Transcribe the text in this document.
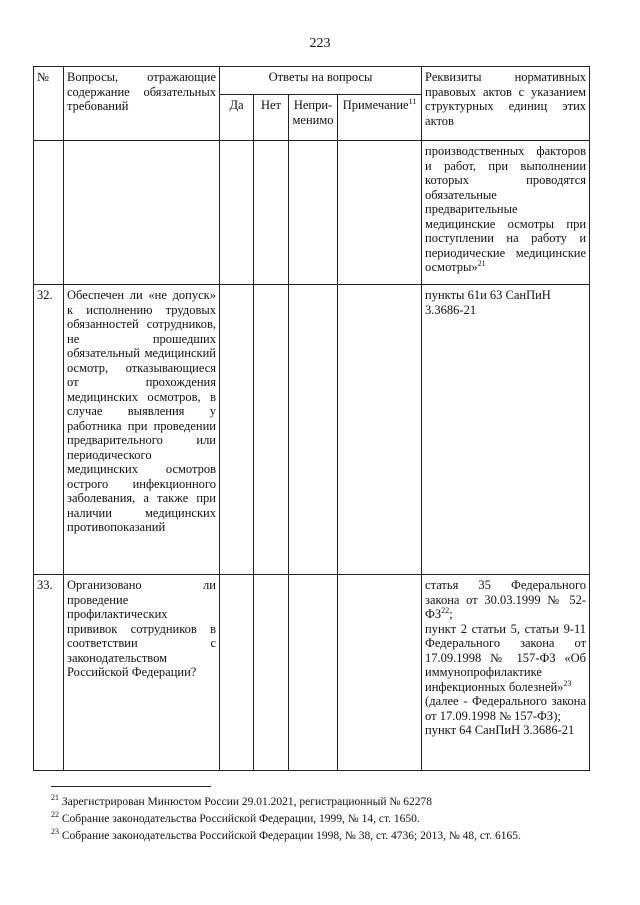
223
№	Вопросы, отражающие содержание обязательных требований	Ответы на вопросы				Реквизиты нормативных правовых актов с указанием структурных единиц этих актов
		Да	Нет	Непри-менимо	Примечание$^{11}$
						производственных факторов и работ, при выполнении которых проводятся обязательные предварительные медицинские осмотры при поступлении на работу и периодические медицинские осмотры»$^{21}$
32.	Обеспечен ли «не допуск» к исполнению трудовых обязанностей сотрудников, не прошедших обязательный медицинский осмотр, отказывающиеся от прохождения медицинских осмотров, в случае выявления у работника при проведении предварительного или периодического медицинских осмотров острого инфекционного заболевания, а также при наличии медицинских противопоказаний					пункты 61и 63 СанПиН 3.3686-21
33.	Организовано ли проведение профилактических прививок сотрудников в соответствии с законодательством Российской Федерации?					статья 35 Федерального закона от 30.03.1999 № 52-ФЗ$^{22}$;
пункт 2 статьи 5, статьи 9-11 Федерального закона от 17.09.1998 № 157-ФЗ «Об иммунопрофилактике инфекционных болезней»$^{23}$
(далее - Федерального закона от 17.09.1998 № 157-ФЗ);
пункт 64 СанПиН 3.3686-21
$^{21}$ Зарегистрирован Минюстом России 29.01.2021, регистрационный № 62278
$^{22}$ Собрание законодательства Российской Федерации, 1999, № 14, ст. 1650.
$^{23}$ Собрание законодательства Российской Федерации 1998, № 38, ст. 4736; 2013, № 48, ст. 6165.
